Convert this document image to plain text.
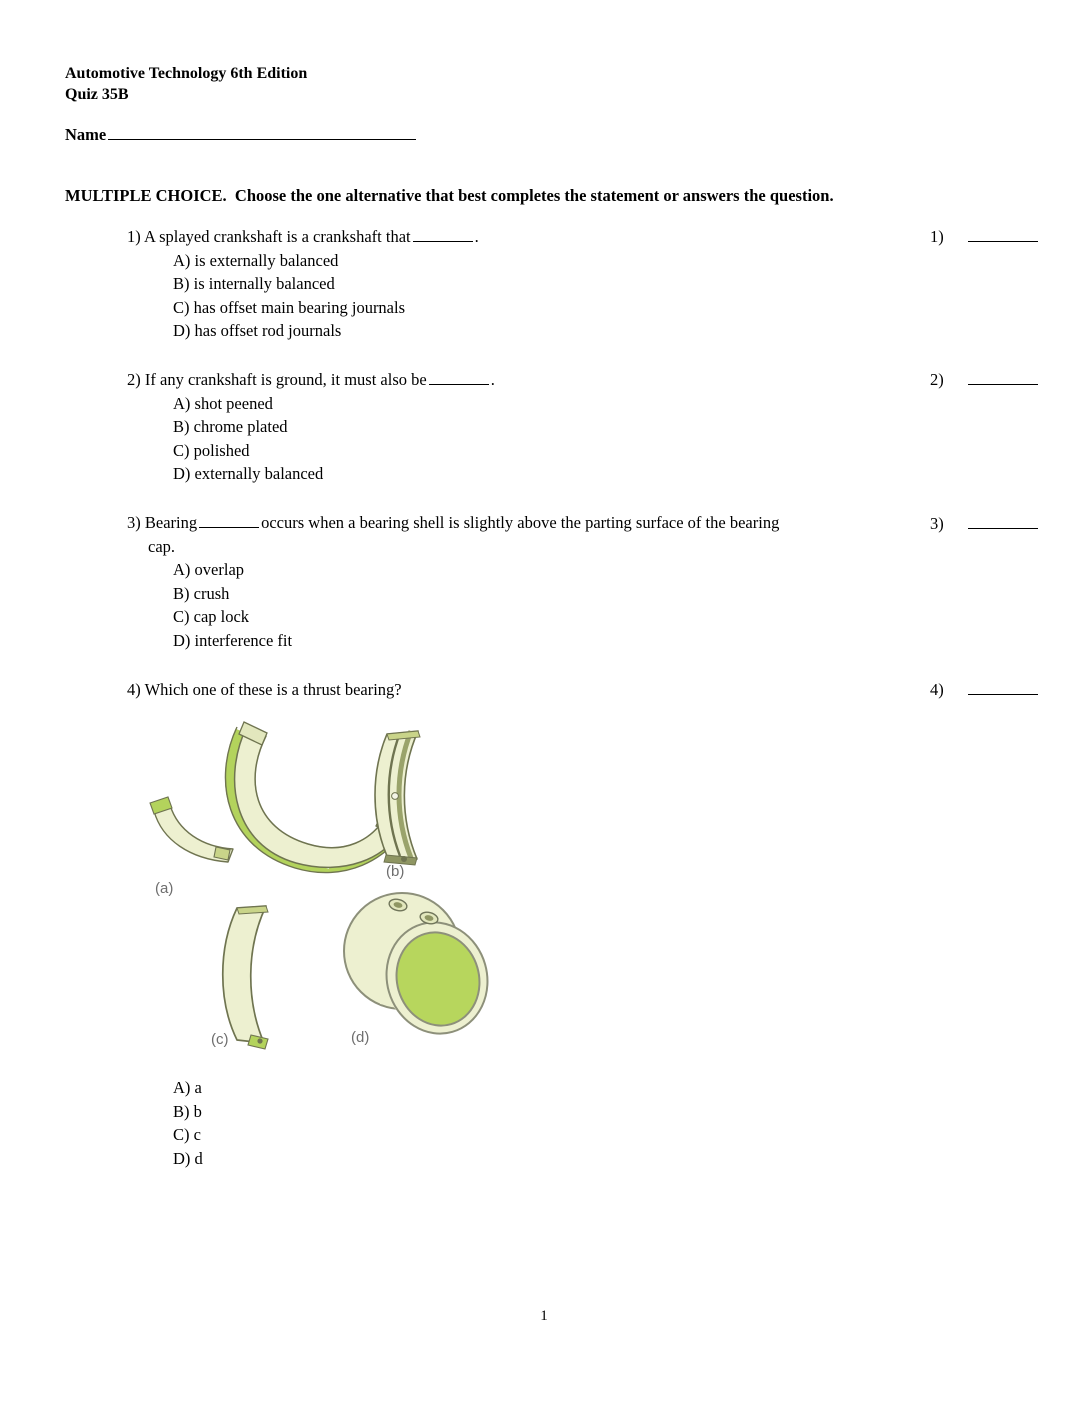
Automotive Technology 6th Edition
Quiz 35B
Name
MULTIPLE CHOICE.  Choose the one alternative that best completes the statement or answers the question.
1) A splayed crankshaft is a crankshaft that	.
A) is externally balanced
B) is internally balanced
C) has offset main bearing journals
D) has offset rod journals
2) If any crankshaft is ground, it must also be	.
A) shot peened
B) chrome plated
C) polished
D) externally balanced
3) Bearing	occurs when a bearing shell is slightly above the parting surface of the bearing
cap.
A) overlap
B) crush
C) cap lock
D) interference fit
4) Which one of these is a thrust bearing?
(a)
(b)
(c)	(d)
A) a
B) b
C) c
D) d
1)
2)
3)
4)
1
